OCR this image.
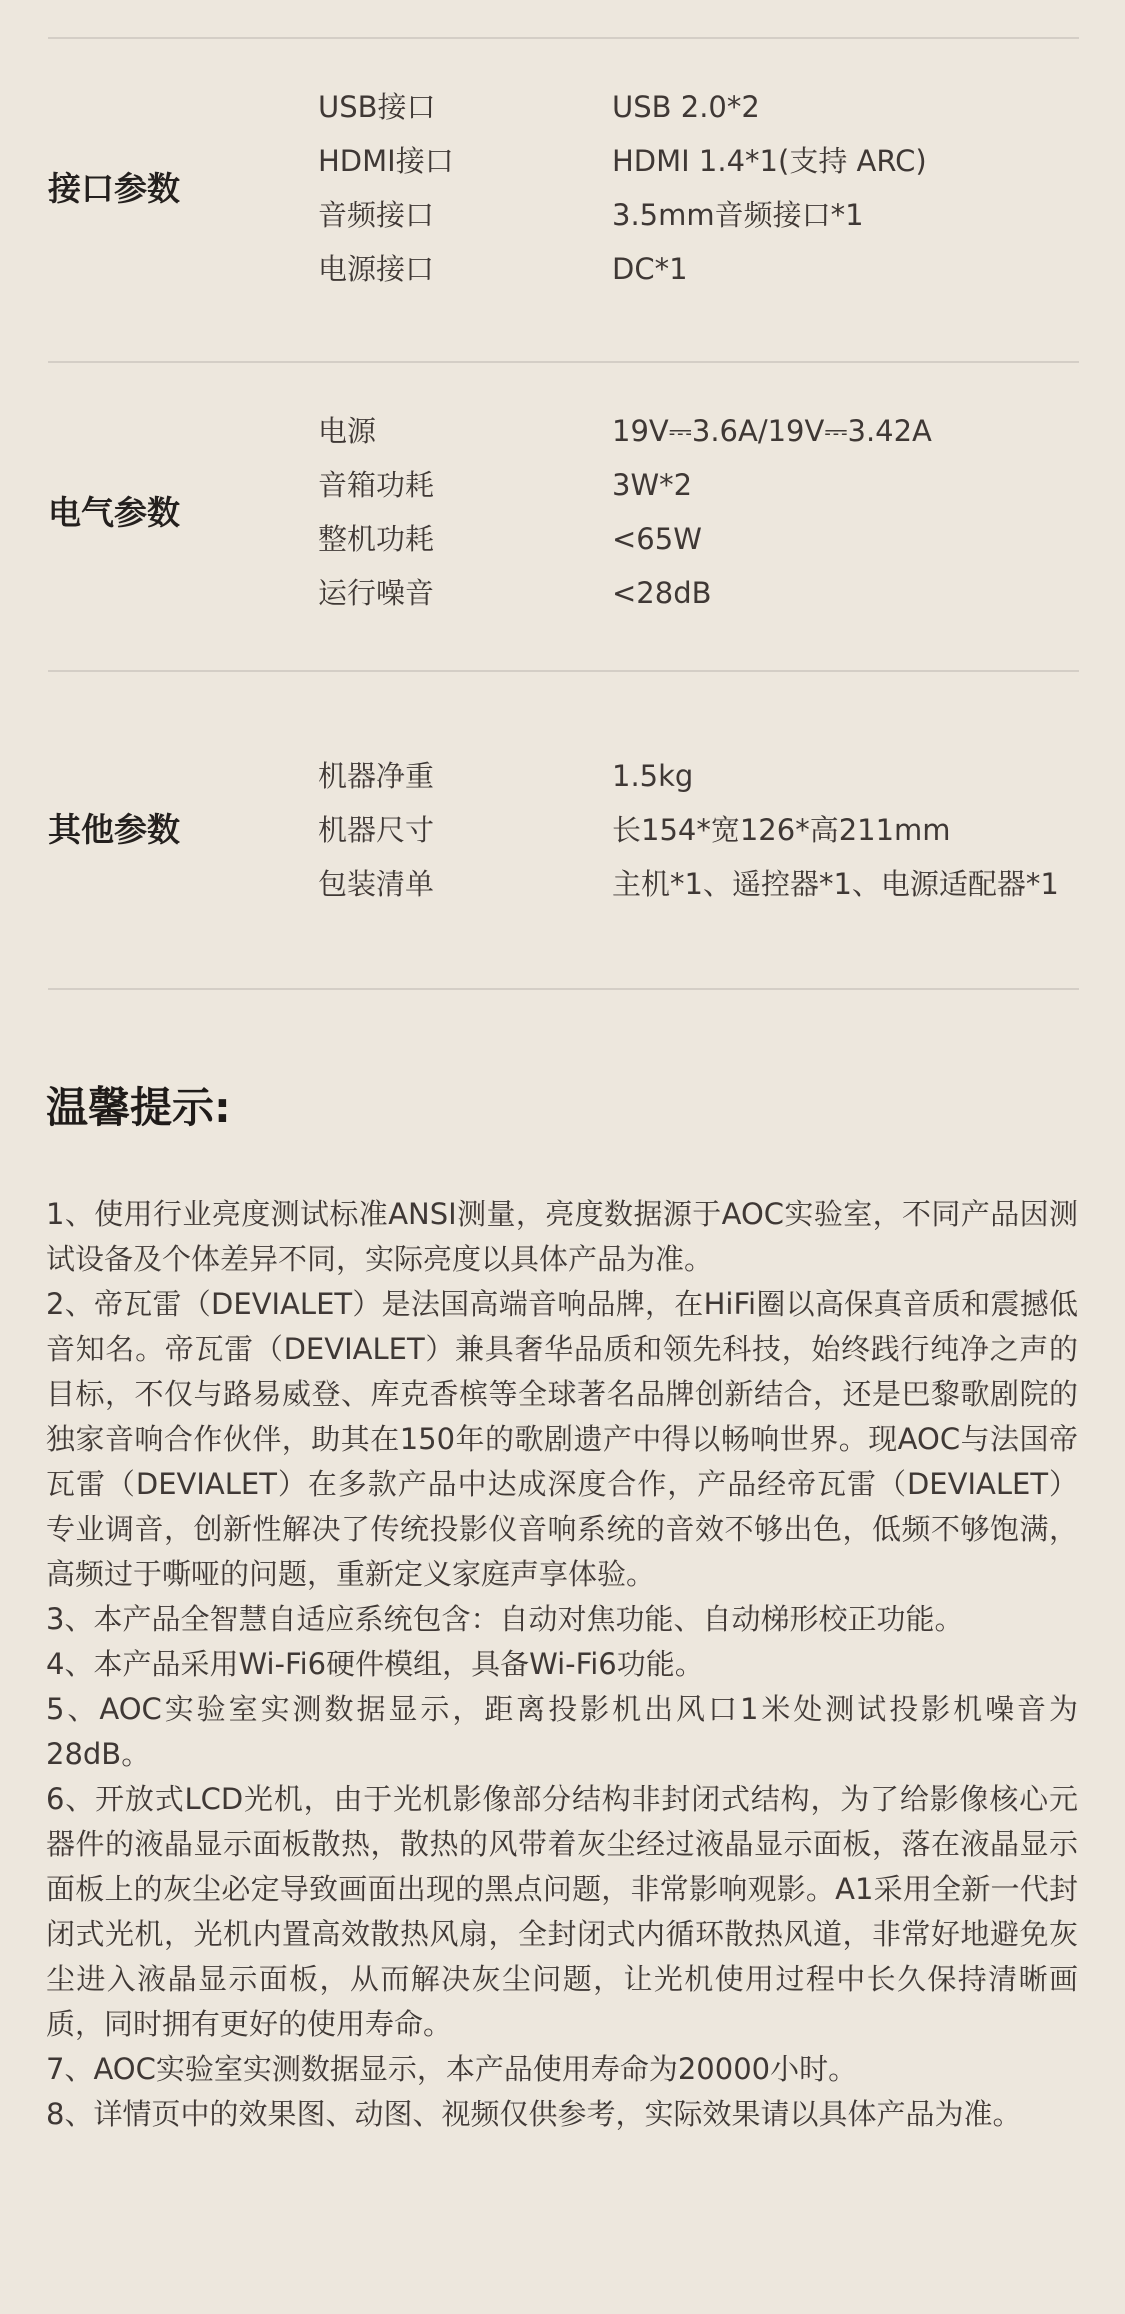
接口参数
USB接口	USB 2.0*2
HDMI接口	HDMI 1.4*1(支持 ARC)
音频接口	3.5mm音频接口*1
电源接口	DC*1
电气参数
电源	19V⎓3.6A/19V⎓3.42A
音箱功耗	3W*2
整机功耗	<65W
运行噪音	<28dB
其他参数
机器净重	1.5kg
机器尺寸	长154*宽126*高211mm
包装清单	主机*1、遥控器*1、电源适配器*1
温馨提示:

1、使用行业亮度测试标准ANSI测量，亮度数据源于AOC实验室，不同产品因测试设备及个体差异不同，实际亮度以具体产品为准。

2、帝瓦雷（DEVIALET）是法国高端音响品牌，在HiFi圈以高保真音质和震撼低音知名。帝瓦雷（DEVIALET）兼具奢华品质和领先科技，始终践行纯净之声的目标，不仅与路易威登、库克香槟等全球著名品牌创新结合，还是巴黎歌剧院的独家音响合作伙伴，助其在150年的歌剧遗产中得以畅响世界。现AOC与法国帝瓦雷（DEVIALET）在多款产品中达成深度合作，产品经帝瓦雷（DEVIALET）专业调音，创新性解决了传统投影仪音响系统的音效不够出色，低频不够饱满，高频过于嘶哑的问题，重新定义家庭声享体验。

3、本产品全智慧自适应系统包含：自动对焦功能、自动梯形校正功能。

4、本产品采用Wi-Fi6硬件模组，具备Wi-Fi6功能。

5、AOC实验室实测数据显示，距离投影机出风口1米处测试投影机噪音为28dB。

6、开放式LCD光机，由于光机影像部分结构非封闭式结构，为了给影像核心元器件的液晶显示面板散热，散热的风带着灰尘经过液晶显示面板，落在液晶显示面板上的灰尘必定导致画面出现的黑点问题，非常影响观影。A1采用全新一代封闭式光机，光机内置高效散热风扇，全封闭式内循环散热风道，非常好地避免灰尘进入液晶显示面板，从而解决灰尘问题，让光机使用过程中长久保持清晰画质，同时拥有更好的使用寿命。

7、AOC实验室实测数据显示，本产品使用寿命为20000小时。

8、详情页中的效果图、动图、视频仅供参考，实际效果请以具体产品为准。
